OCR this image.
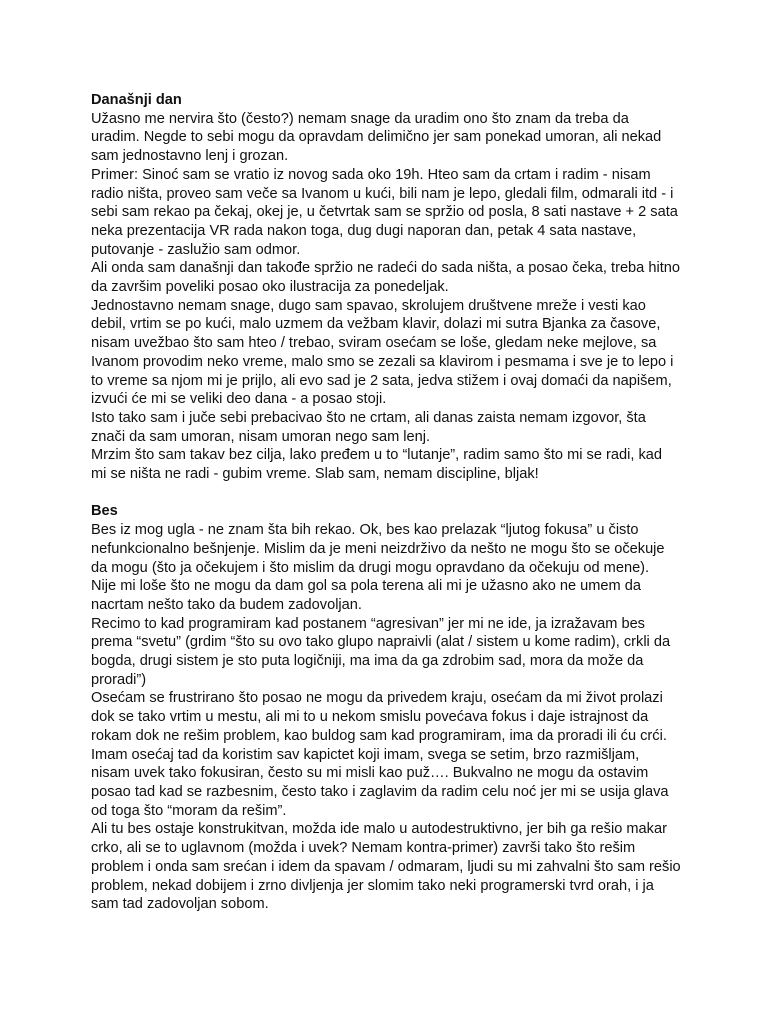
Današnji dan

Užasno me nervira što (često?) nemam snage da uradim ono što znam da treba da uradim. Negde to sebi mogu da opravdam delimično jer sam ponekad umoran, ali nekad sam jednostavno lenj i grozan.

Primer: Sinoć sam se vratio iz novog sada oko 19h. Hteo sam da crtam i radim - nisam radio ništa, proveo sam veče sa Ivanom u kući, bili nam je lepo, gledali film, odmarali itd - i sebi sam rekao pa čekaj, okej je, u četvrtak sam se spržio od posla, 8 sati nastave + 2 sata neka prezentacija VR rada nakon toga, dug dugi naporan dan, petak 4 sata nastave, putovanje - zaslužio sam odmor.

Ali onda sam današnji dan takođe spržio ne radeći do sada ništa, a posao čeka, treba hitno da završim poveliki posao oko ilustracija za ponedeljak.

Jednostavno nemam snage, dugo sam spavao, skrolujem društvene mreže i vesti kao debil, vrtim se po kući, malo uzmem da vežbam klavir, dolazi mi sutra Bjanka za časove, nisam uvežbao što sam hteo / trebao, sviram osećam se loše, gledam neke mejlove, sa Ivanom provodim neko vreme, malo smo se zezali sa klavirom i pesmama i sve je to lepo i to vreme sa njom mi je prijlo, ali evo sad je 2 sata, jedva stižem i ovaj domaći da napišem, izvući će mi se veliki deo dana - a posao stoji.

Isto tako sam i juče sebi prebacivao što ne crtam, ali danas zaista nemam izgovor, šta znači da sam umoran, nisam umoran nego sam lenj.

Mrzim što sam takav bez cilja, lako pređem u to “lutanje”, radim samo što mi se radi, kad mi se ništa ne radi - gubim vreme. Slab sam, nemam discipline, bljak!

Bes

Bes iz mog ugla - ne znam šta bih rekao. Ok, bes kao prelazak “ljutog fokusa” u čisto nefunkcionalno bešnjenje. Mislim da je meni neizdrživo da nešto ne mogu što se očekuje da mogu (što ja očekujem i što mislim da drugi mogu opravdano da očekuju od mene).

Nije mi loše što ne mogu da dam gol sa pola terena ali mi je užasno ako ne umem da nacrtam nešto tako da budem zadovoljan.

Recimo to kad programiram kad postanem “agresivan” jer mi ne ide, ja izražavam bes prema “svetu” (grdim “što su ovo tako glupo napraivli (alat / sistem u kome radim), crkli da bogda, drugi sistem je sto puta logičniji, ma ima da ga zdrobim sad, mora da može da proradi”)

Osećam se frustrirano što posao ne mogu da privedem kraju, osećam da mi život prolazi dok se tako vrtim u mestu, ali mi to u nekom smislu povećava fokus i daje istrajnost da rokam dok ne rešim problem, kao buldog sam kad programiram, ima da proradi ili ću crći. Imam osećaj tad da koristim sav kapictet koji imam, svega se setim, brzo razmišljam, nisam uvek tako fokusiran, često su mi misli kao puž…. Bukvalno ne mogu da ostavim posao tad kad se razbesnim, često tako i zaglavim da radim celu noć jer mi se usija glava od toga što “moram da rešim”.

Ali tu bes ostaje konstrukitvan, možda ide malo u autodestruktivno, jer bih ga rešio makar crko, ali se to uglavnom (možda i uvek? Nemam kontra-primer) završi tako što rešim problem i onda sam srećan i idem da spavam / odmaram, ljudi su mi zahvalni što sam rešio problem, nekad dobijem i zrno divljenja jer slomim tako neki programerski tvrd orah, i ja sam tad zadovoljan sobom.
